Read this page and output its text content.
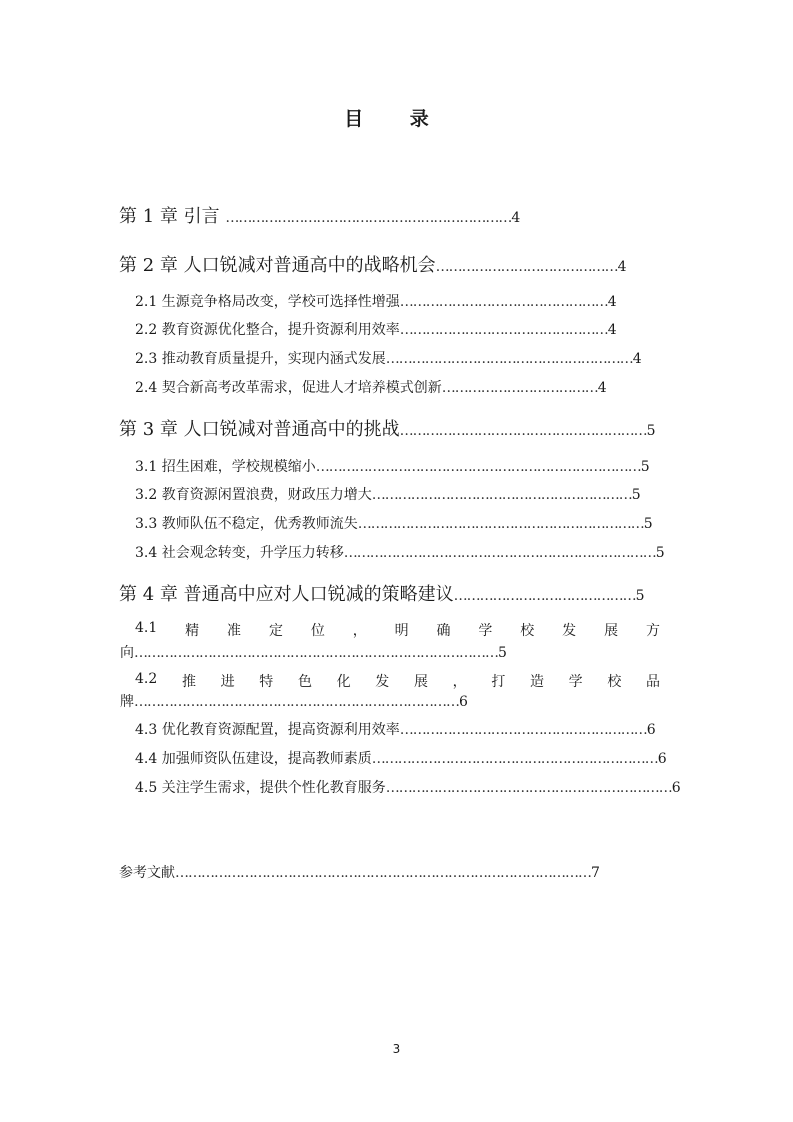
目 录
第 1 章 引言 …………………………………………………………4
第 2 章 人口锐减对普通高中的战略机会……………………………………4
2.1 生源竞争格局改变，学校可选择性增强…………………………………………4
2.2 教育资源优化整合，提升资源利用效率…………………………………………4
2.3 推动教育质量提升，实现内涵式发展…………………………………………………4
2.4 契合新高考改革需求，促进人才培养模式创新………………………………4
第 3 章 人口锐减对普通高中的挑战…………………………………………………5
3.1 招生困难，学校规模缩小…………………………………………………………………5
3.2 教育资源闲置浪费，财政压力增大……………………………………………………5
3.3 教师队伍不稳定，优秀教师流失…………………………………………………………5
3.4 社会观念转变，升学压力转移………………………………………………………………5
第 4 章 普通高中应对人口锐减的策略建议……………………………………5
4.1 精 准 定 位 ， 明 确 学 校 发 展 方
向…………………………………………………………………………5
4.2 推 进 特 色 化 发 展 ， 打 造 学 校 品
牌…………………………………………………………………6
4.3 优化教育资源配置，提高资源利用效率…………………………………………………6
4.4 加强师资队伍建设，提高教师素质…………………………………………………………6
4.5 关注学生需求，提供个性化教育服务…………………………………………………………6
参考文献……………………………………………………………………………………7
3
